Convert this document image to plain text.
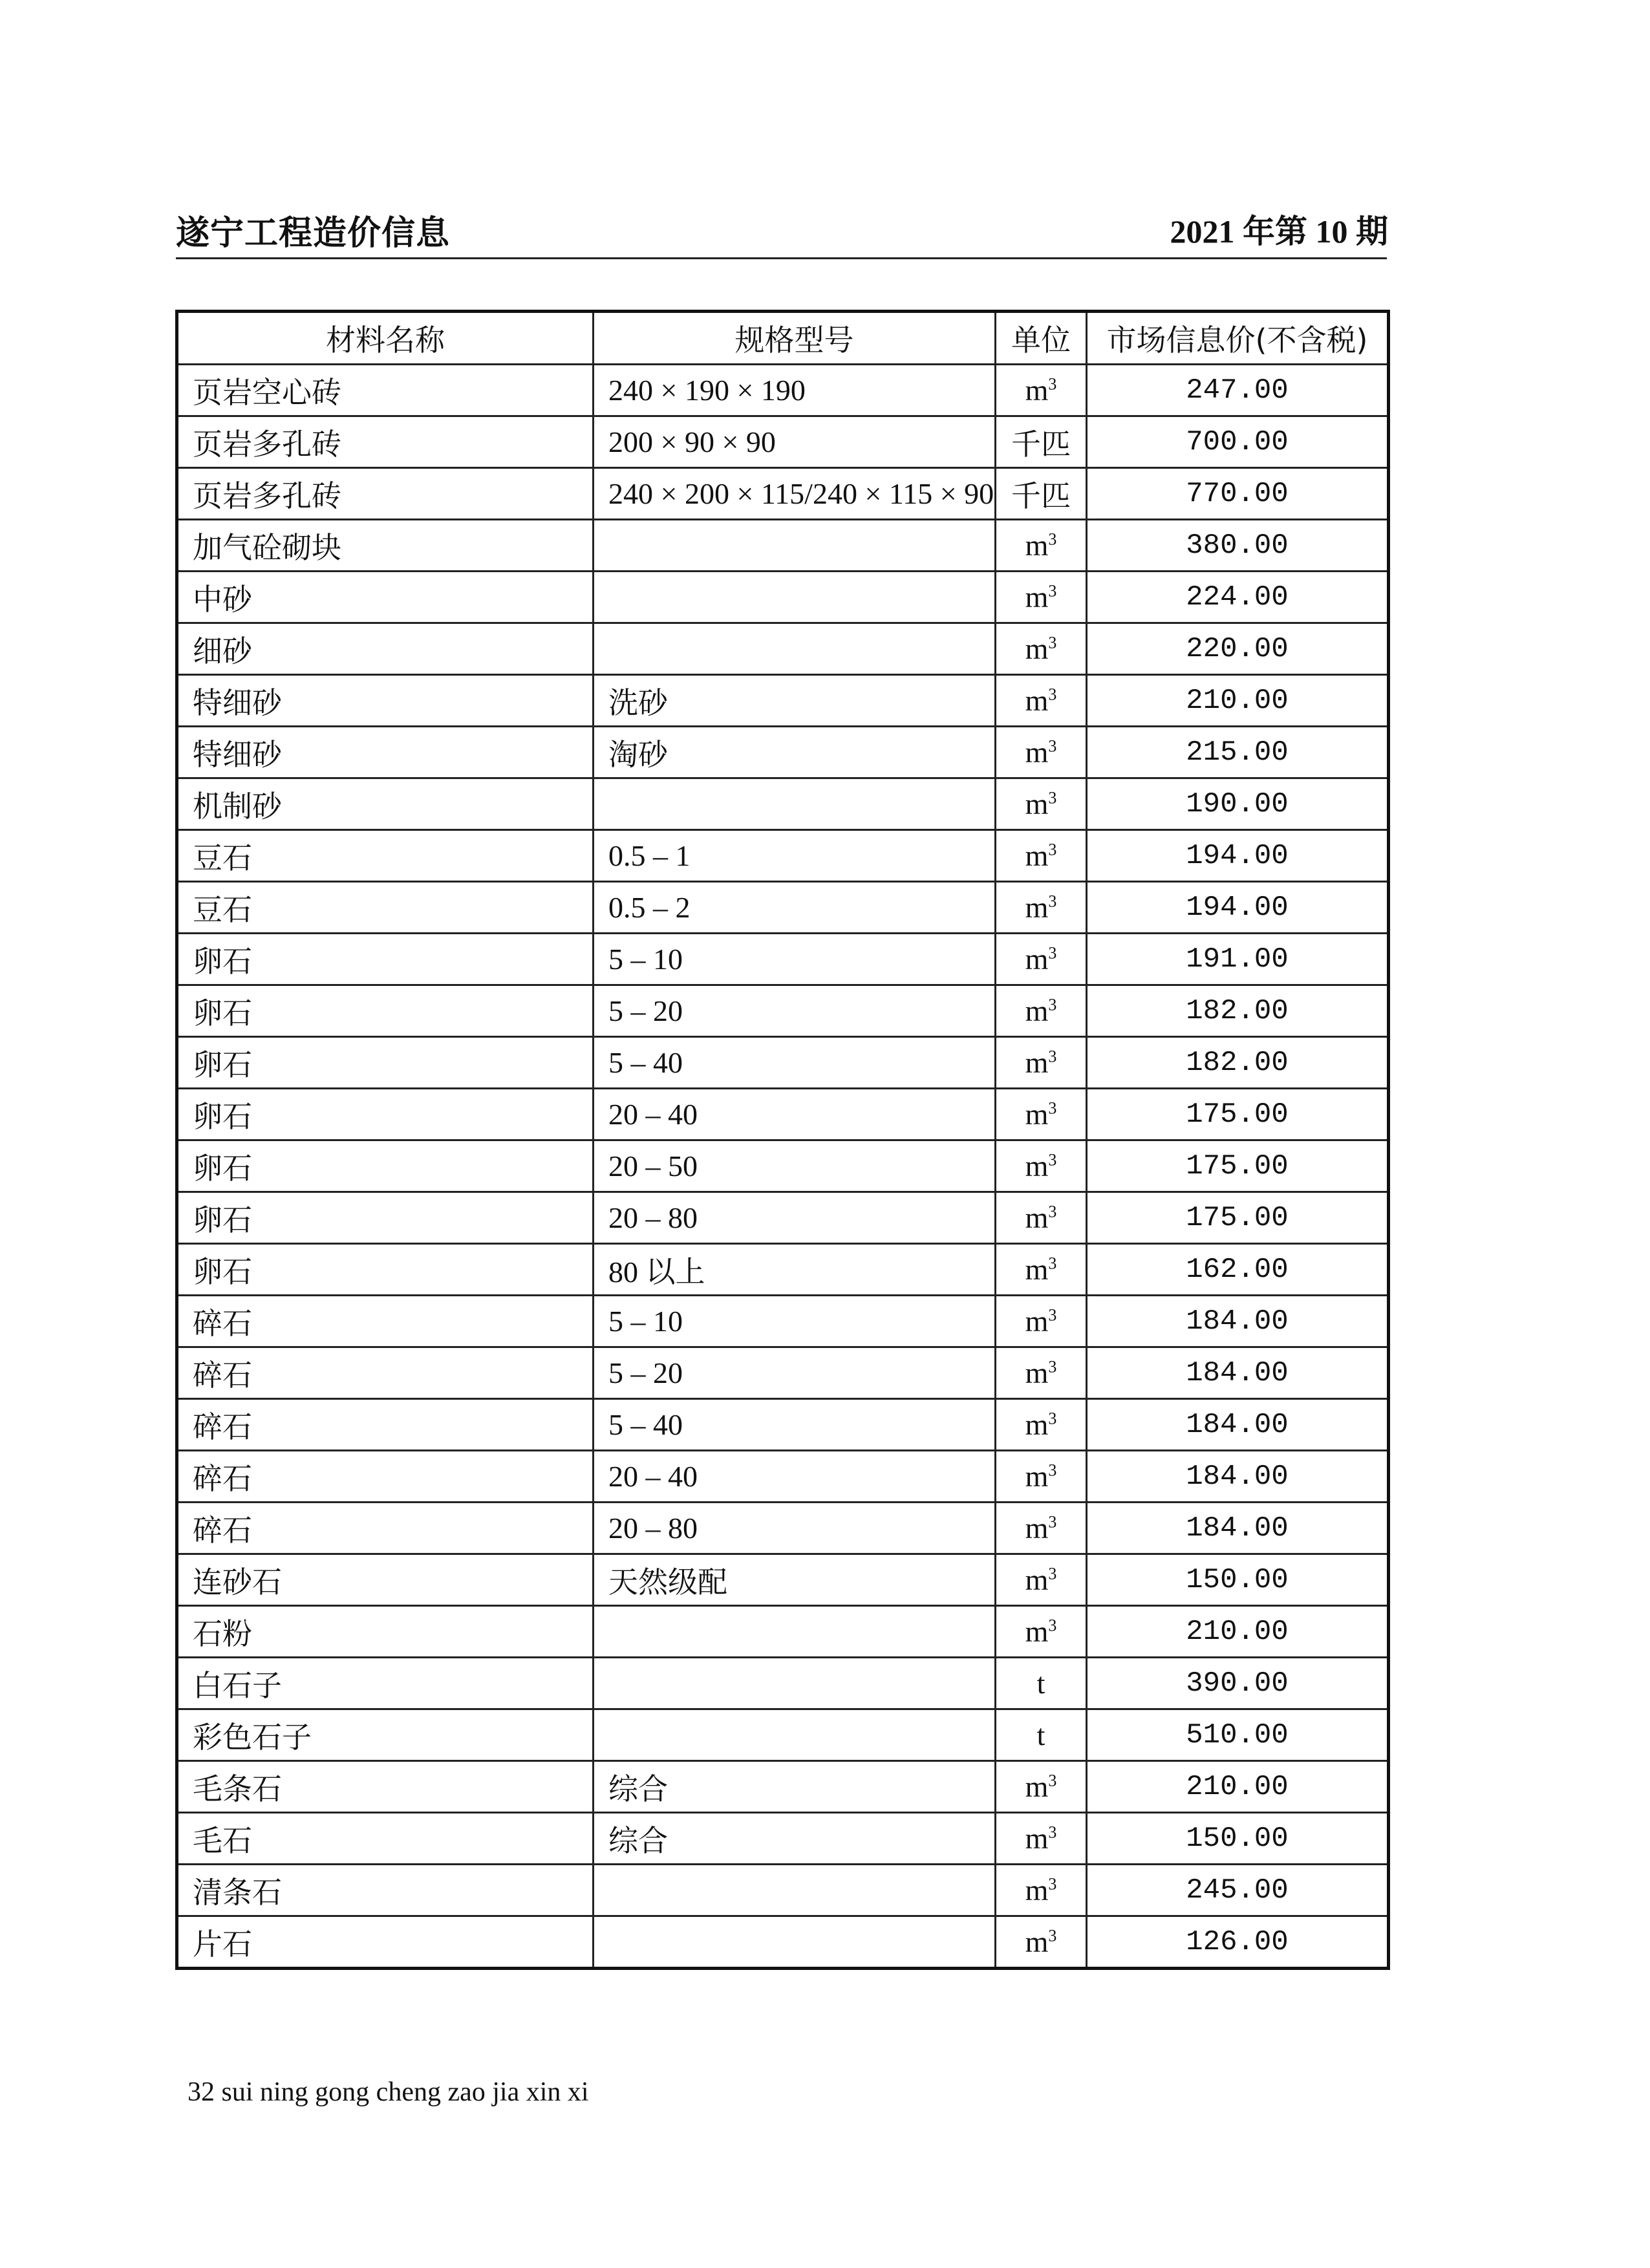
遂宁工程造价信息	2021 年第 10 期
材料名称	规格型号	单位	市场信息价(不含税)
页岩空心砖	240 × 190 × 190	$m^3$	247.00
页岩多孔砖	200 × 90 × 90	千匹	700.00
页岩多孔砖	240 × 200 × 115/240 × 115 × 90	千匹	770.00
加气砼砌块		$m^3$	380.00
中砂		$m^3$	224.00
细砂		$m^3$	220.00
特细砂	洗砂	$m^3$	210.00
特细砂	淘砂	$m^3$	215.00
机制砂		$m^3$	190.00
豆石	0.5 – 1	$m^3$	194.00
豆石	0.5 – 2	$m^3$	194.00
卵石	5 – 10	$m^3$	191.00
卵石	5 – 20	$m^3$	182.00
卵石	5 – 40	$m^3$	182.00
卵石	20 – 40	$m^3$	175.00
卵石	20 – 50	$m^3$	175.00
卵石	20 – 80	$m^3$	175.00
卵石	80 以上	$m^3$	162.00
碎石	5 – 10	$m^3$	184.00
碎石	5 – 20	$m^3$	184.00
碎石	5 – 40	$m^3$	184.00
碎石	20 – 40	$m^3$	184.00
碎石	20 – 80	$m^3$	184.00
连砂石	天然级配	$m^3$	150.00
石粉		$m^3$	210.00
白石子		t	390.00
彩色石子		t	510.00
毛条石	综合	$m^3$	210.00
毛石	综合	$m^3$	150.00
清条石		$m^3$	245.00
片石		$m^3$	126.00
32 sui ning gong cheng zao jia xin xi
